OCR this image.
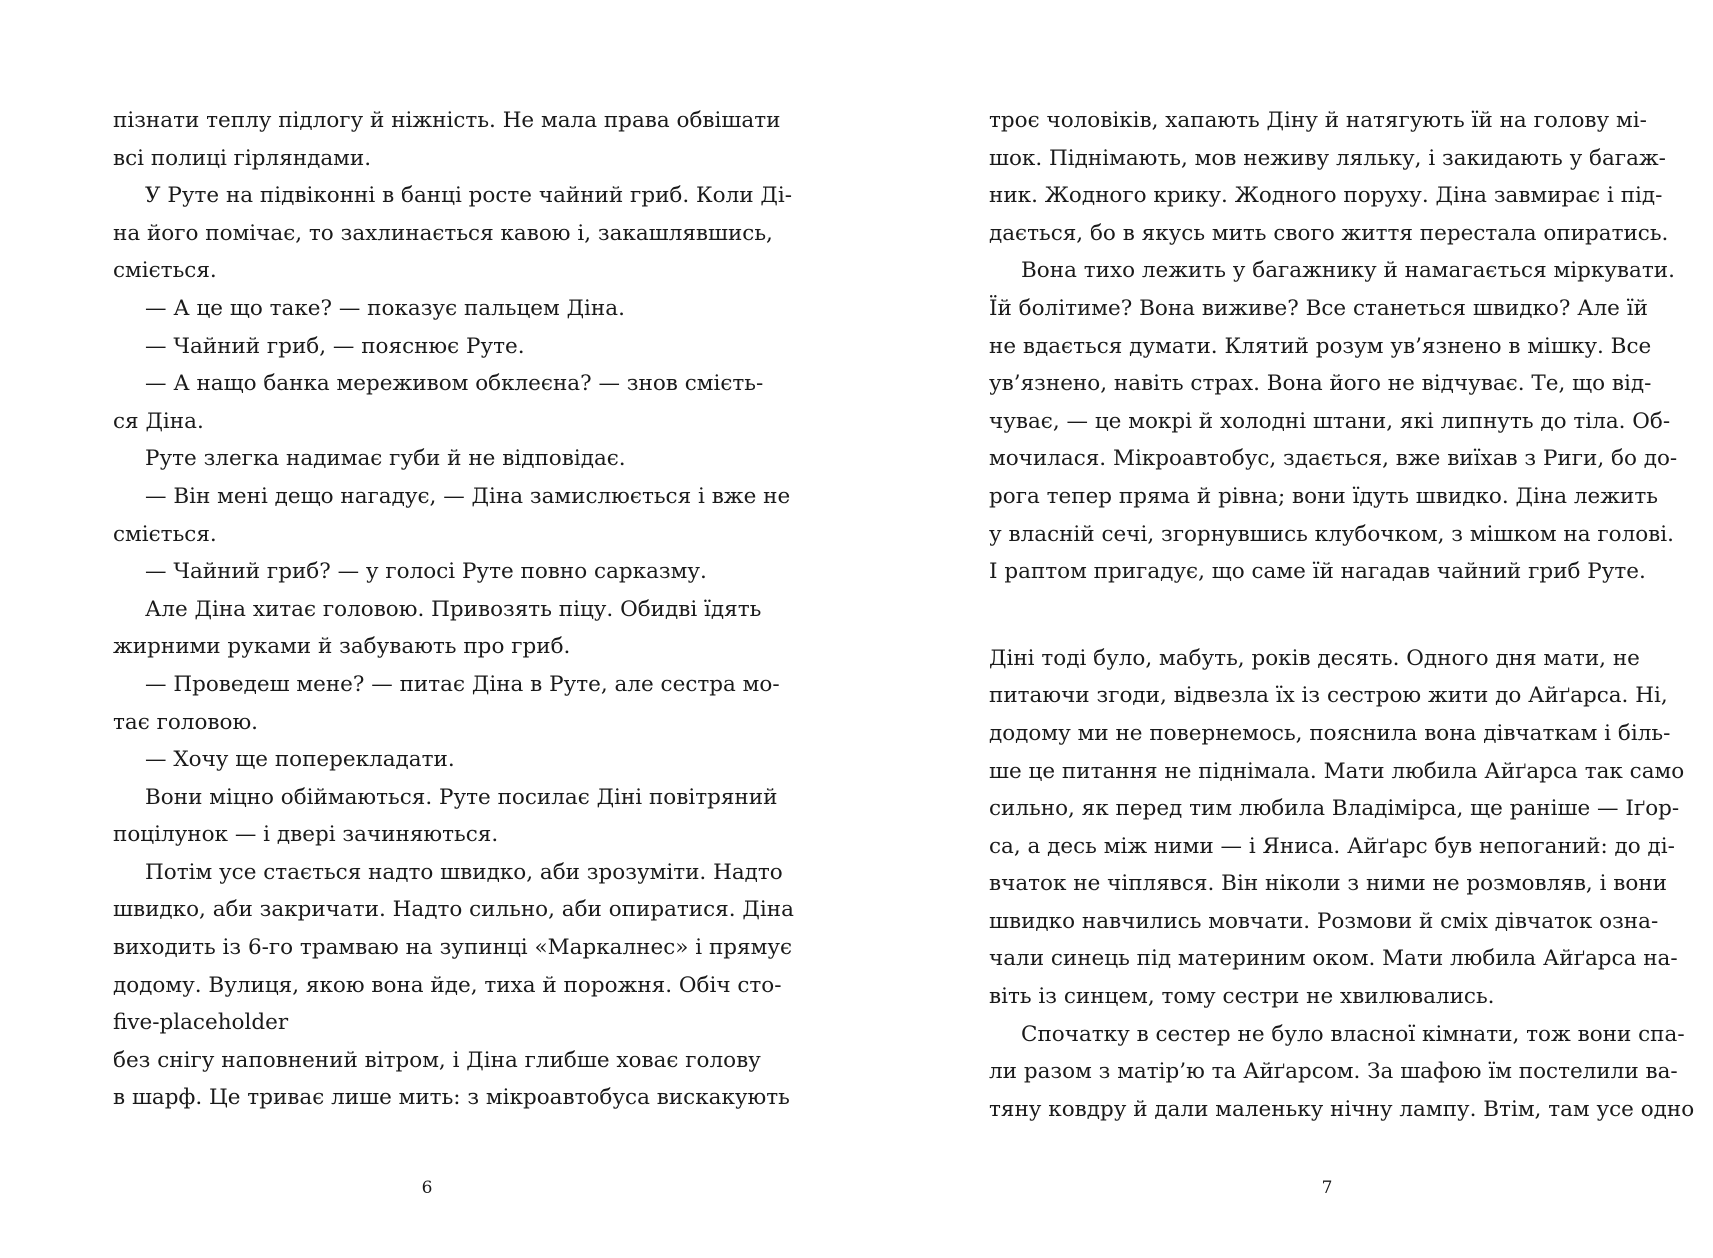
пізнати теплу підлогу й ніжність. Не мала права обвішати
всі полиці гірляндами.
У Руте на підвіконні в банці росте чайний гриб. Коли Ді-
на його помічає, то захлинається кавою і, закашлявшись,
сміється.
— А це що таке? — показує пальцем Діна.
— Чайний гриб, — пояснює Руте.
— А нащо банка мереживом обклеєна? — знов смієть-
ся Діна.
Руте злегка надимає губи й не відповідає.
— Він мені дещо нагадує, — Діна замислюється і вже не
сміється.
— Чайний гриб? — у голосі Руте повно сарказму.
Але Діна хитає головою. Привозять піцу. Обидві їдять
жирними руками й забувають про гриб.
— Проведеш мене? — питає Діна в Руте, але сестра мо-
тає головою.
— Хочу ще поперекладати.
Вони міцно обіймаються. Руте посилає Діні повітряний
поцілунок — і двері зачиняються.
Потім усе стається надто швидко, аби зрозуміти. Надто
швидко, аби закричати. Надто сильно, аби опиратися. Діна
виходить із 6-го трамваю на зупинці «Маркалнес» і прямує
додому. Вулиця, якою вона йде, тиха й порожня. Обіч сто-
five-placeholder
без снігу наповнений вітром, і Діна глибше ховає голову
в шарф. Це триває лише мить: з мікроавтобуса вискакують
6
троє чоловіків, хапають Діну й натягують їй на голову мі-
шок. Піднімають, мов неживу ляльку, і закидають у багаж-
ник. Жодного крику. Жодного поруху. Діна завмирає і під-
дається, бо в якусь мить свого життя перестала опиратись.
Вона тихо лежить у багажнику й намагається міркувати.
Їй болітиме? Вона виживе? Все станеться швидко? Але їй
не вдається думати. Клятий розум ув’язнено в мішку. Все
ув’язнено, навіть страх. Вона його не відчуває. Те, що від-
чуває, — це мокрі й холодні штани, які липнуть до тіла. Об-
мочилася. Мікроавтобус, здається, вже виїхав з Риги, бо до-
рога тепер пряма й рівна; вони їдуть швидко. Діна лежить
у власній сечі, згорнувшись клубочком, з мішком на голові.
І раптом пригадує, що саме їй нагадав чайний гриб Руте.
Діні тоді було, мабуть, років десять. Одного дня мати, не
питаючи згоди, відвезла їх із сестрою жити до Айґарса. Ні,
додому ми не повернемось, пояснила вона дівчаткам і біль-
ше це питання не піднімала. Мати любила Айґарса так само
сильно, як перед тим любила Владімірса, ще раніше — Іґор-
са, а десь між ними — і Яниса. Айґарс був непоганий: до ді-
вчаток не чіплявся. Він ніколи з ними не розмовляв, і вони
швидко навчились мовчати. Розмови й сміх дівчаток озна-
чали синець під материним оком. Мати любила Айґарса на-
віть із синцем, тому сестри не хвилювались.
Спочатку в сестер не було власної кімнати, тож вони спа-
ли разом з матір’ю та Айґарсом. За шафою їм постелили ва-
тяну ковдру й дали маленьку нічну лампу. Втім, там усе одно
7
